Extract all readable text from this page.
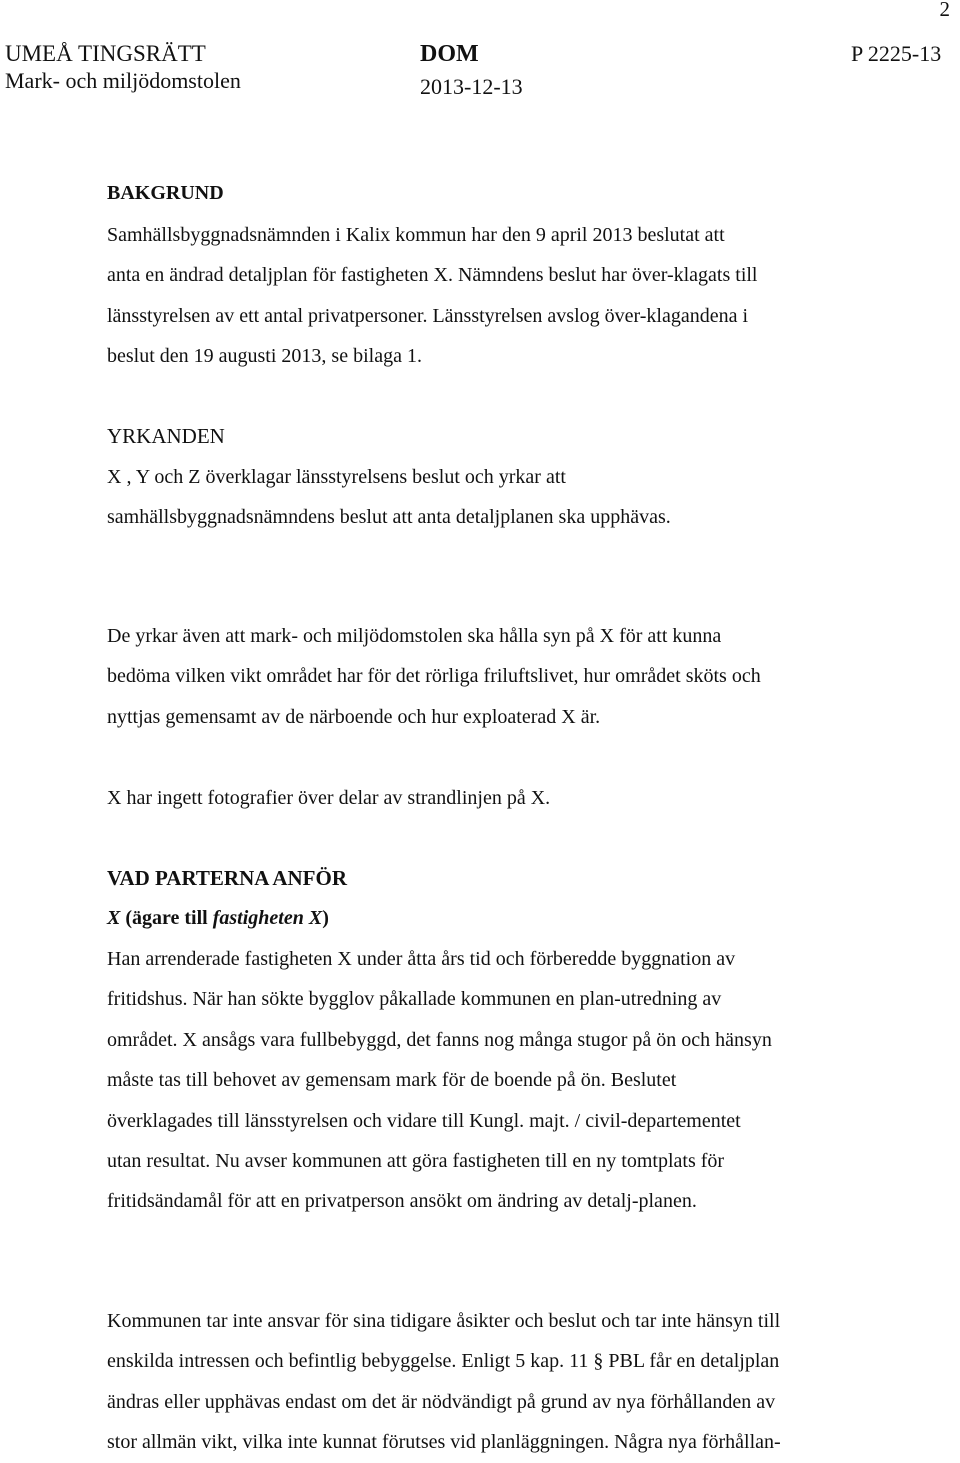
2
UMEÅ TINGSRÄTT
Mark- och miljödomstolen
DOM
2013-12-13
P 2225-13
BAKGRUND
Samhällsbyggnadsnämnden i Kalix kommun har den 9 april 2013 beslutat att
anta en ändrad detaljplan för fastigheten X. Nämndens beslut har över-klagats till
länsstyrelsen av ett antal privatpersoner. Länsstyrelsen avslog över-klagandena i
beslut den 19 augusti 2013, se bilaga 1.
YRKANDEN
X , Y och Z överklagar länsstyrelsens beslut och yrkar att
samhällsbyggnadsnämndens beslut att anta detaljplanen ska upphävas.
De yrkar även att mark- och miljödomstolen ska hålla syn på X för att kunna
bedöma vilken vikt området har för det rörliga friluftslivet, hur området sköts och
nyttjas gemensamt av de närboende och hur exploaterad X är.
X har ingett fotografier över delar av strandlinjen på X.
VAD PARTERNA ANFÖR
X (ägare till fastigheten X)
Han arrenderade fastigheten X under åtta års tid och förberedde byggnation av
fritidshus. När han sökte bygglov påkallade kommunen en plan-utredning av
området. X ansågs vara fullbebyggd, det fanns nog många stugor på ön och hänsyn
måste tas till behovet av gemensam mark för de boende på ön. Beslutet
överklagades till länsstyrelsen och vidare till Kungl. majt. / civil-departementet
utan resultat. Nu avser kommunen att göra fastigheten till en ny tomtplats för
fritidsändamål för att en privatperson ansökt om ändring av detalj-planen.
Kommunen tar inte ansvar för sina tidigare åsikter och beslut och tar inte hänsyn till
enskilda intressen och befintlig bebyggelse. Enligt 5 kap. 11 § PBL får en detaljplan
ändras eller upphävas endast om det är nödvändigt på grund av nya förhållanden av
stor allmän vikt, vilka inte kunnat förutses vid planläggningen. Några nya förhållan-
